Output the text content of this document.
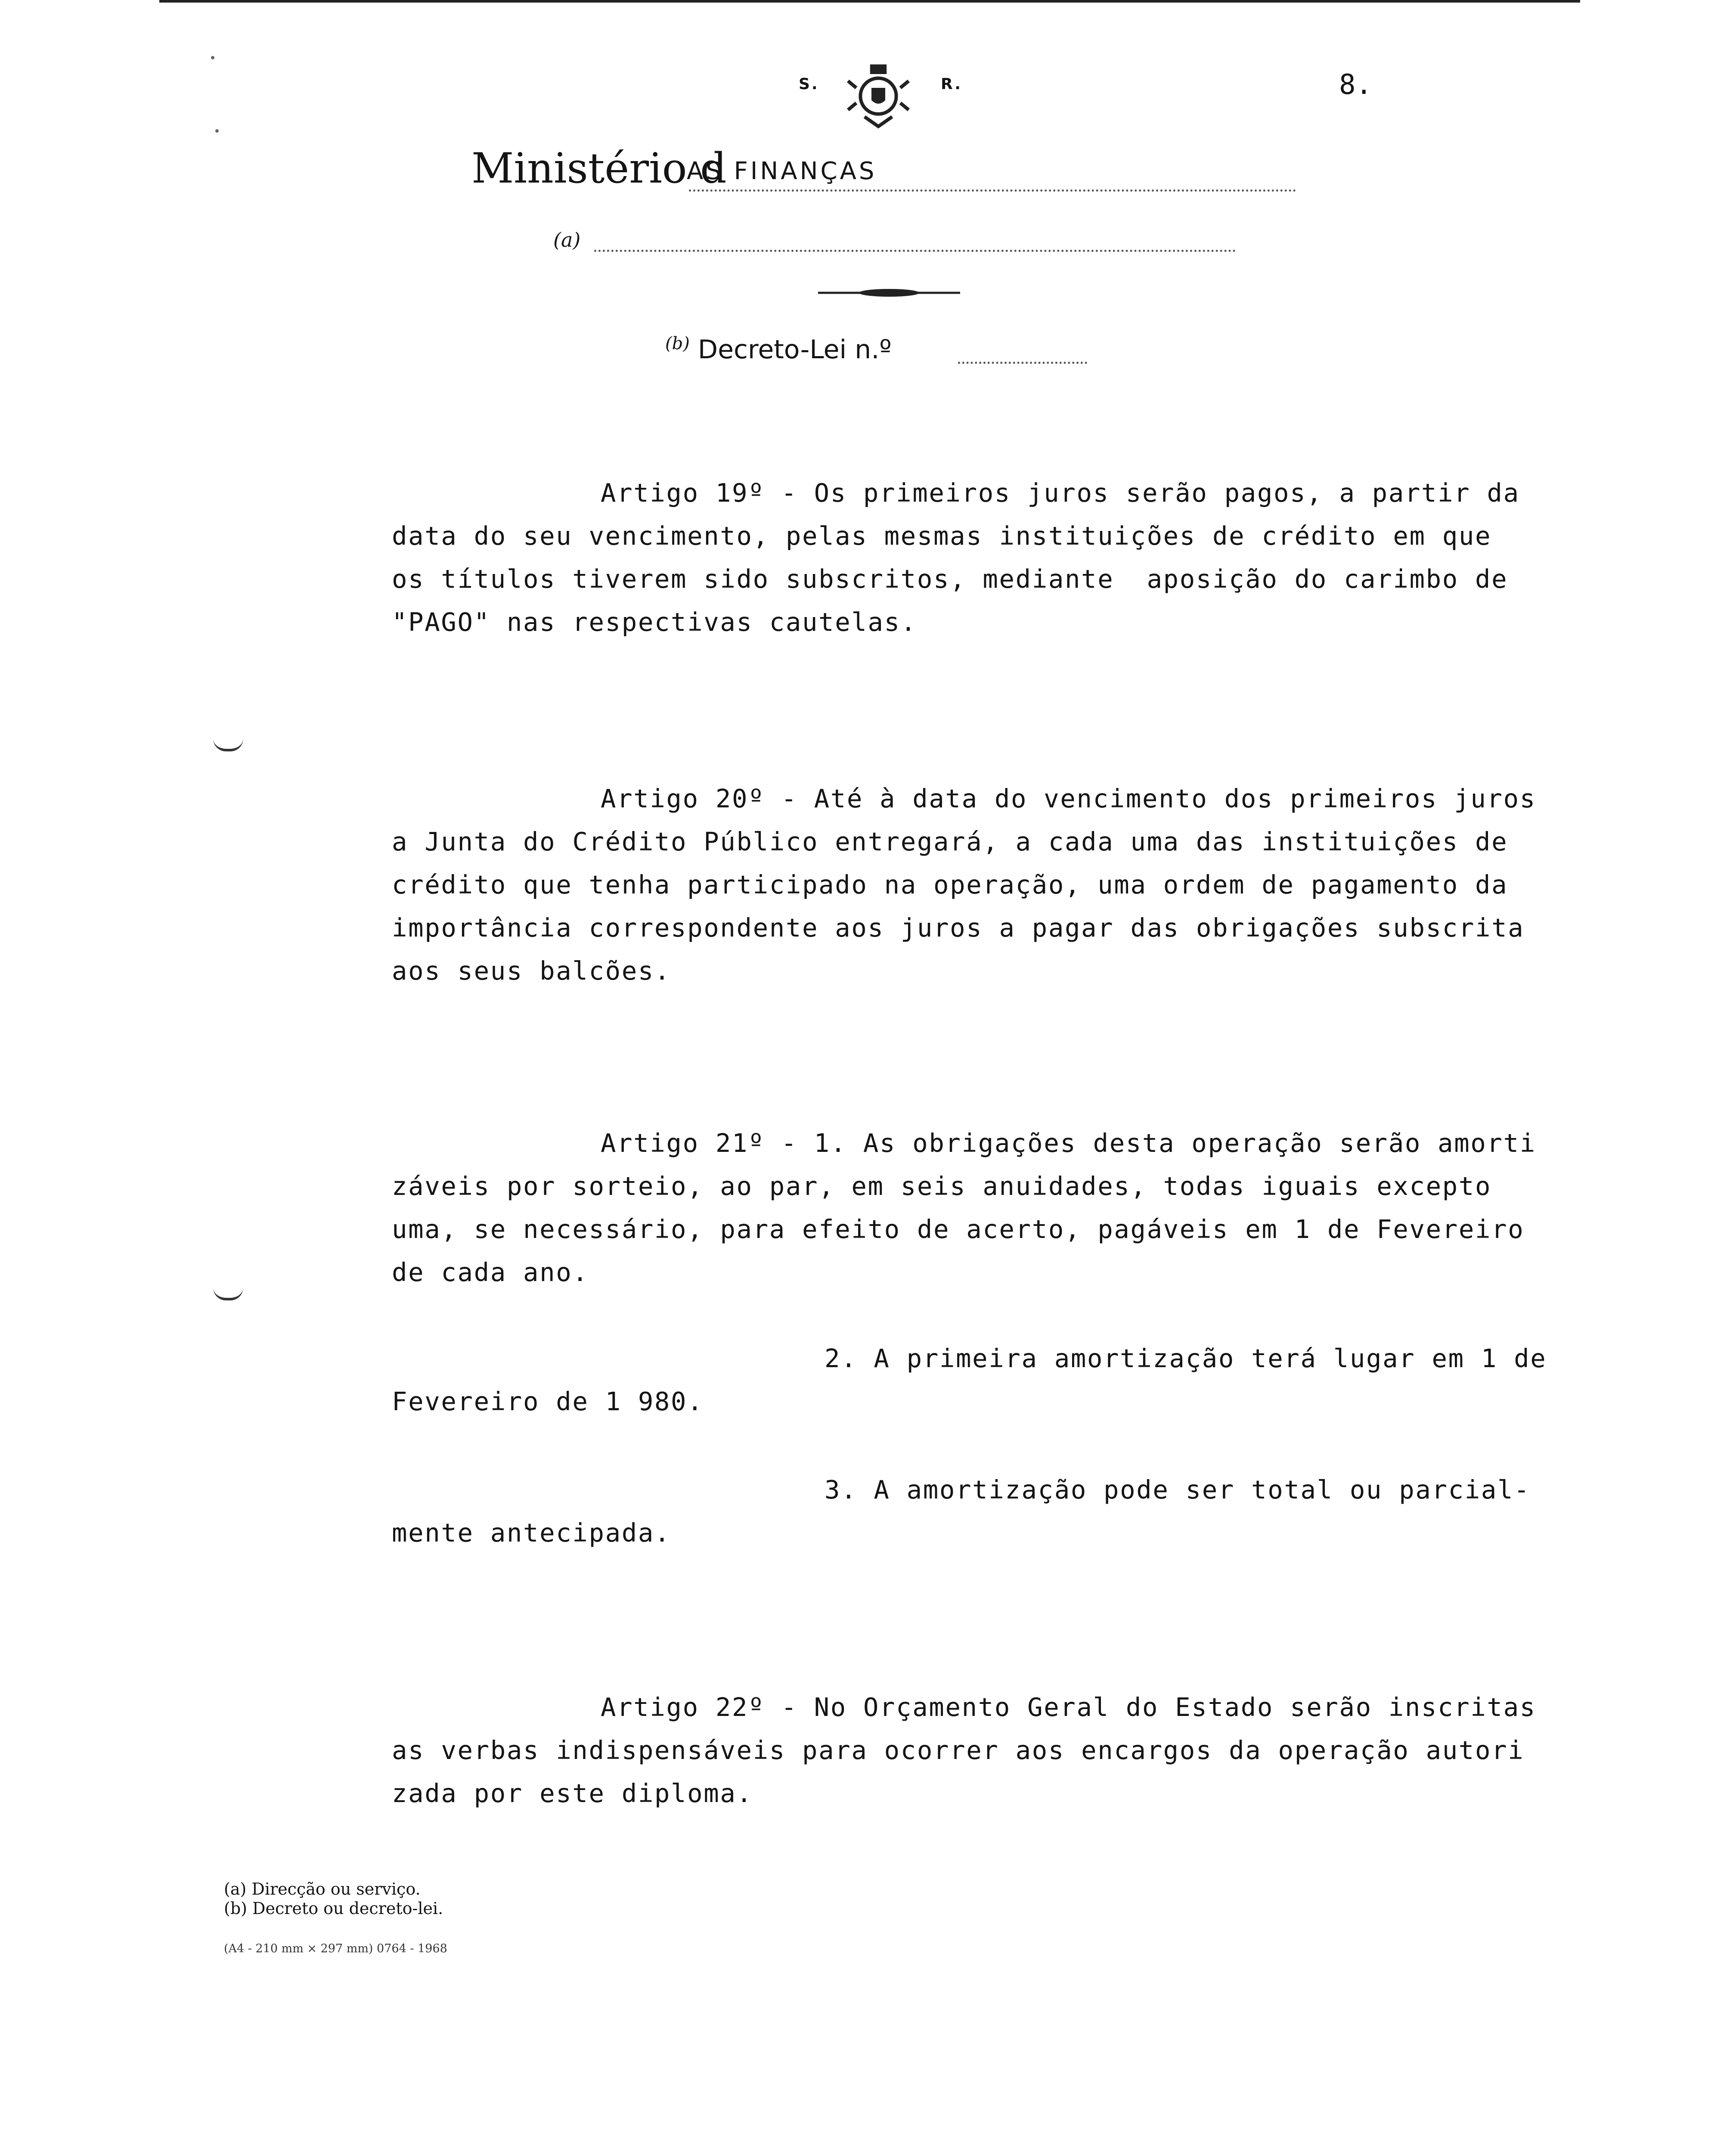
S.	R.	8.
Ministério d
AS FINANÇAS
(a)
$^{(b)}$ Decreto-Lei n.º
Artigo 19º - Os primeiros juros serão pagos, a partir da
data do seu vencimento, pelas mesmas instituições de crédito em que
os títulos tiverem sido subscritos, mediante  aposição do carimbo de
"PAGO" nas respectivas cautelas.
Artigo 20º - Até à data do vencimento dos primeiros juros
a Junta do Crédito Público entregará, a cada uma das instituições de
crédito que tenha participado na operação, uma ordem de pagamento da
importância correspondente aos juros a pagar das obrigações subscrita
aos seus balcões.
Artigo 21º - 1. As obrigações desta operação serão amorti
záveis por sorteio, ao par, em seis anuidades, todas iguais excepto
uma, se necessário, para efeito de acerto, pagáveis em 1 de Fevereiro
de cada ano.
2. A primeira amortização terá lugar em 1 de
Fevereiro de 1 980.
3. A amortização pode ser total ou parcial-
mente antecipada.
Artigo 22º - No Orçamento Geral do Estado serão inscritas
as verbas indispensáveis para ocorrer aos encargos da operação autori
zada por este diploma.
(a) Direcção ou serviço.
(b) Decreto ou decreto-lei.
(A4 - 210 mm × 297 mm) 0764 - 1968
